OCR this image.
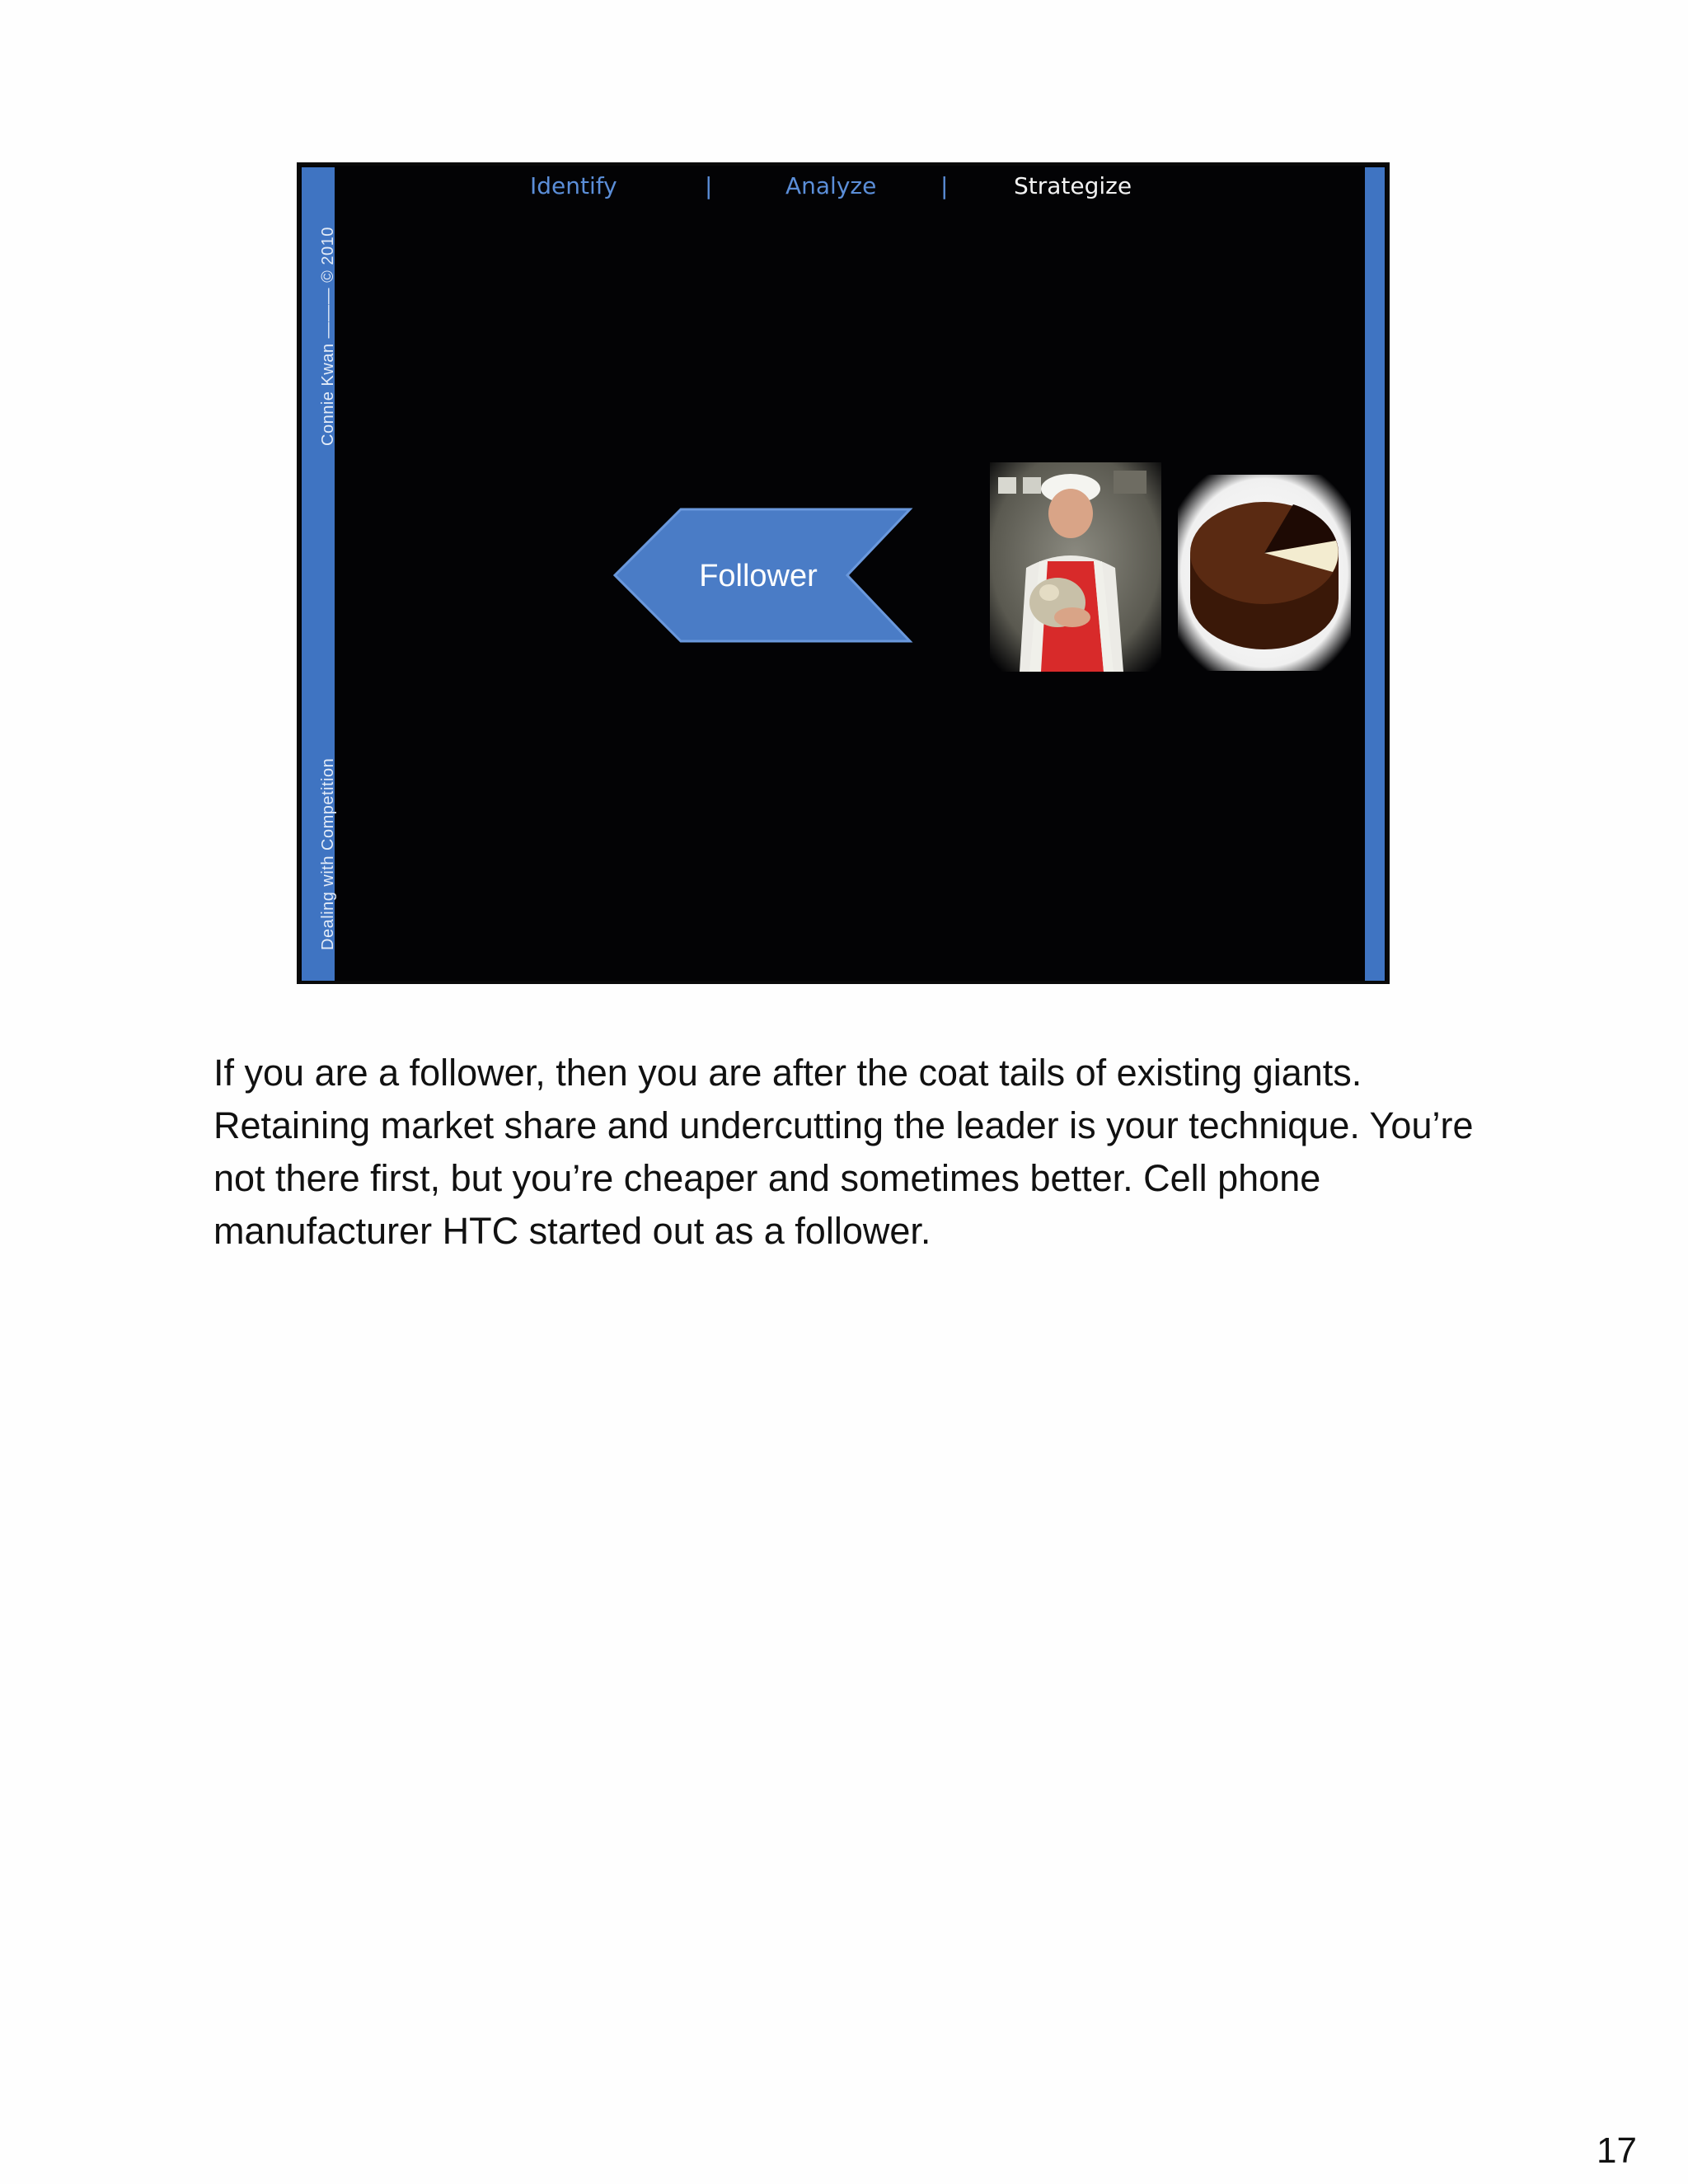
Connie Kwan ——— © 2010
Dealing with Competition
Identify	|	Analyze	|	Strategize
Follower

If you are a follower, then you are after the coat tails of existing giants. Retaining market share and undercutting the leader is your technique. You’re not there first, but you’re cheaper and sometimes better. Cell phone manufacturer HTC started out as a follower.

17
